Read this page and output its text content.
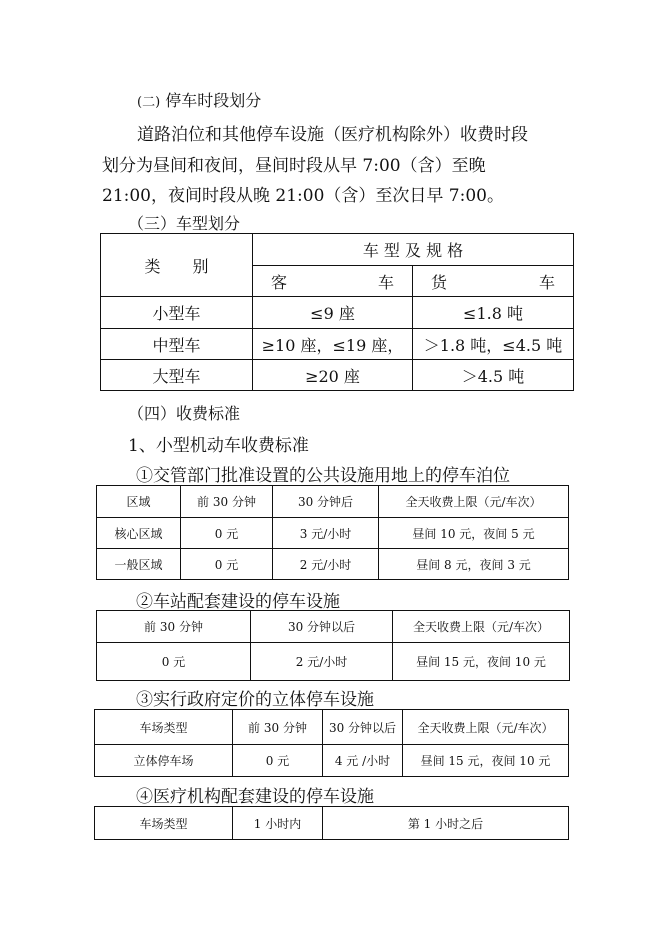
(二) 停车时段划分
道路泊位和其他停车设施（医疗机构除外）收费时段
划分为昼间和夜间，昼间时段从早 7:00（含）至晚
21:00，夜间时段从晚 21:00（含）至次日早 7:00。
（三）车型划分
类　　别	车 型 及 规 格	

	客 车	货 车

小型车	≤9 座	≤1.8 吨
中型车	≥10 座，≤19 座，	＞1.8 吨，≤4.5 吨
大型车	≥20 座	＞4.5 吨
（四）收费标准
1、小型机动车收费标准
①交管部门批准设置的公共设施用地上的停车泊位
区域	前 30 分钟	30 分钟后	全天收费上限（元/车次）
核心区域	0 元	3 元/小时	昼间 10 元，夜间 5 元
一般区域	0 元	2 元/小时	昼间 8 元，夜间 3 元
②车站配套建设的停车设施
前 30 分钟	30 分钟以后	全天收费上限（元/车次）
0 元	2 元/小时	昼间 15 元，夜间 10 元
③实行政府定价的立体停车设施
车场类型	前 30 分钟	30 分钟以后	全天收费上限（元/车次）
立体停车场	0 元	4 元 /小时	昼间 15 元，夜间 10 元
④医疗机构配套建设的停车设施
车场类型	1 小时内	第 1 小时之后
